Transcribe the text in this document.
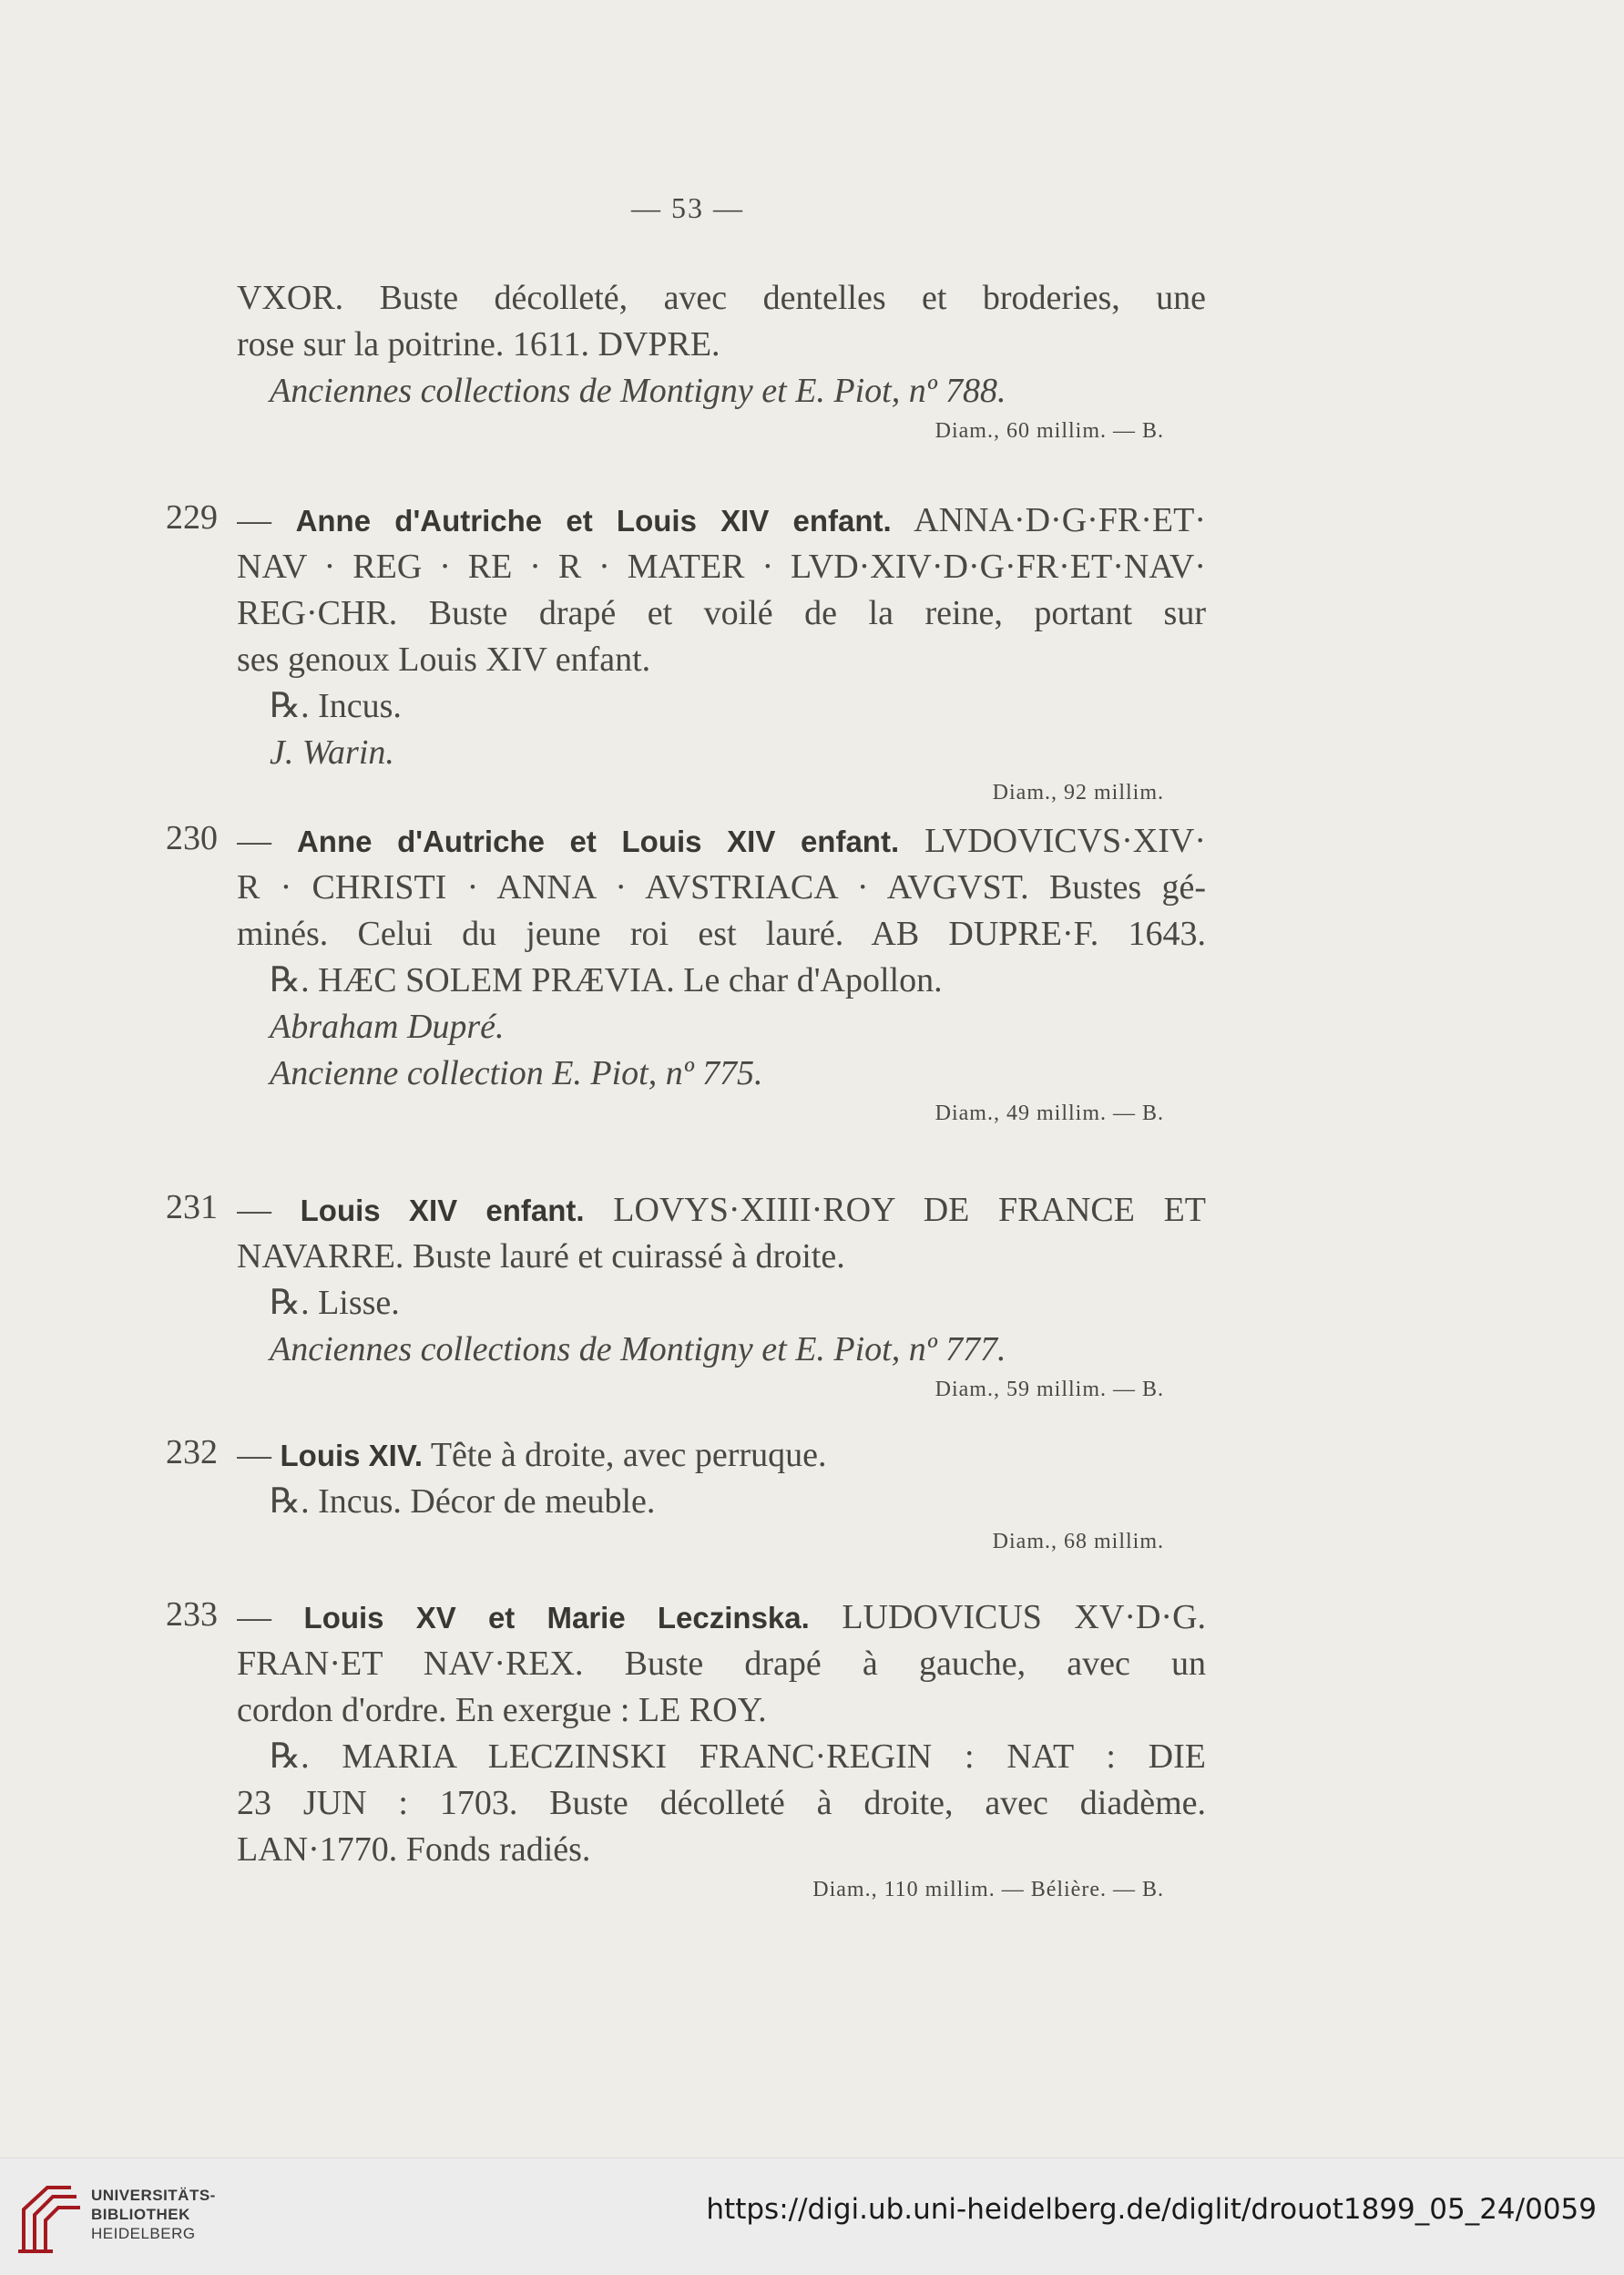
— 53 —
VXOR. Buste décolleté, avec dentelles et broderies, une
rose sur la poitrine. 1611. DVPRE.
Anciennes collections de Montigny et E. Piot, nº 788.
Diam., 60 millim. — B.
229 — Anne d'Autriche et Louis XIV enfant. ANNA·D·G·FR·ET·
NAV · REG · RE · R · MATER · LVD·XIV·D·G·FR·ET·NAV·
REG·CHR. Buste drapé et voilé de la reine, portant sur
ses genoux Louis XIV enfant.
℞. Incus.
J. Warin.
Diam., 92 millim.
230 — Anne d'Autriche et Louis XIV enfant. LVDOVICVS·XIV·
R · CHRISTI · ANNA · AVSTRIACA · AVGVST. Bustes gé-
minés. Celui du jeune roi est lauré. AB DUPRE·F. 1643.
℞. HÆC SOLEM PRÆVIA. Le char d'Apollon.
Abraham Dupré.
Ancienne collection E. Piot, nº 775.
Diam., 49 millim. — B.
231 — Louis XIV enfant. LOVYS·XIIII·ROY DE FRANCE ET
NAVARRE. Buste lauré et cuirassé à droite.
℞. Lisse.
Anciennes collections de Montigny et E. Piot, nº 777.
Diam., 59 millim. — B.
232 — Louis XIV. Tête à droite, avec perruque.
℞. Incus. Décor de meuble.
Diam., 68 millim.
233 — Louis XV et Marie Leczinska. LUDOVICUS XV·D·G.
FRAN·ET NAV·REX. Buste drapé à gauche, avec un
cordon d'ordre. En exergue : LE ROY.
℞. MARIA LECZINSKI FRANC·REGIN : NAT : DIE
23 JUN : 1703. Buste décolleté à droite, avec diadème.
LAN·1770. Fonds radiés.
Diam., 110 millim. — Bélière. — B.
UNIVERSITÄTS-
BIBLIOTHEK
HEIDELBERG
https://digi.ub.uni-heidelberg.de/diglit/drouot1899_05_24/0059
